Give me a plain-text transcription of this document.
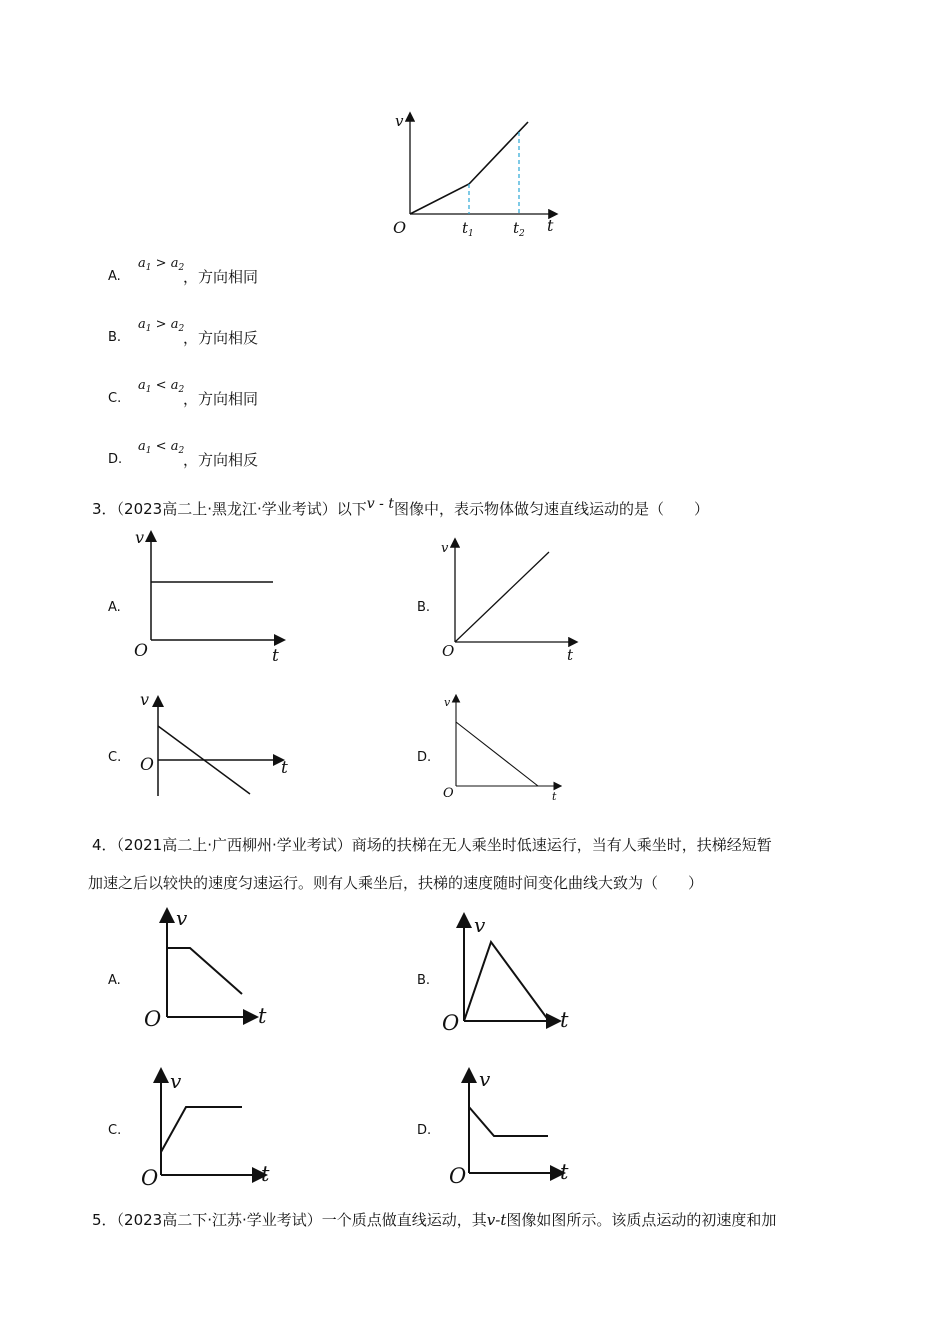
v
O	$t_1$	$t_2$ t
A.
$a_1 > a_2$
，方向相同
B.
$a_1 > a_2$
，方向相反
C.
$a_1 < a_2$
，方向相同
D.
$a_1 < a_2$
，方向相反
3．（2023高二上·黑龙江·学业考试）以下v - t图像中，表示物体做匀速直线运动的是（　　）
A.
v
O	t
B.
v
O	t
C.
v
O	t
D.
v
O	t
4．（2021高二上·广西柳州·学业考试）商场的扶梯在无人乘坐时低速运行，当有人乘坐时，扶梯经短暂
加速之后以较快的速度匀速运行。则有人乘坐后，扶梯的速度随时间变化曲线大致为（　　）
A.
v
O	t
B.
v
O	t
C.
v
O	t
D.
v
O	t
5．（2023高二下·江苏·学业考试）一个质点做直线运动，其v-t图像如图所示。该质点运动的初速度和加
